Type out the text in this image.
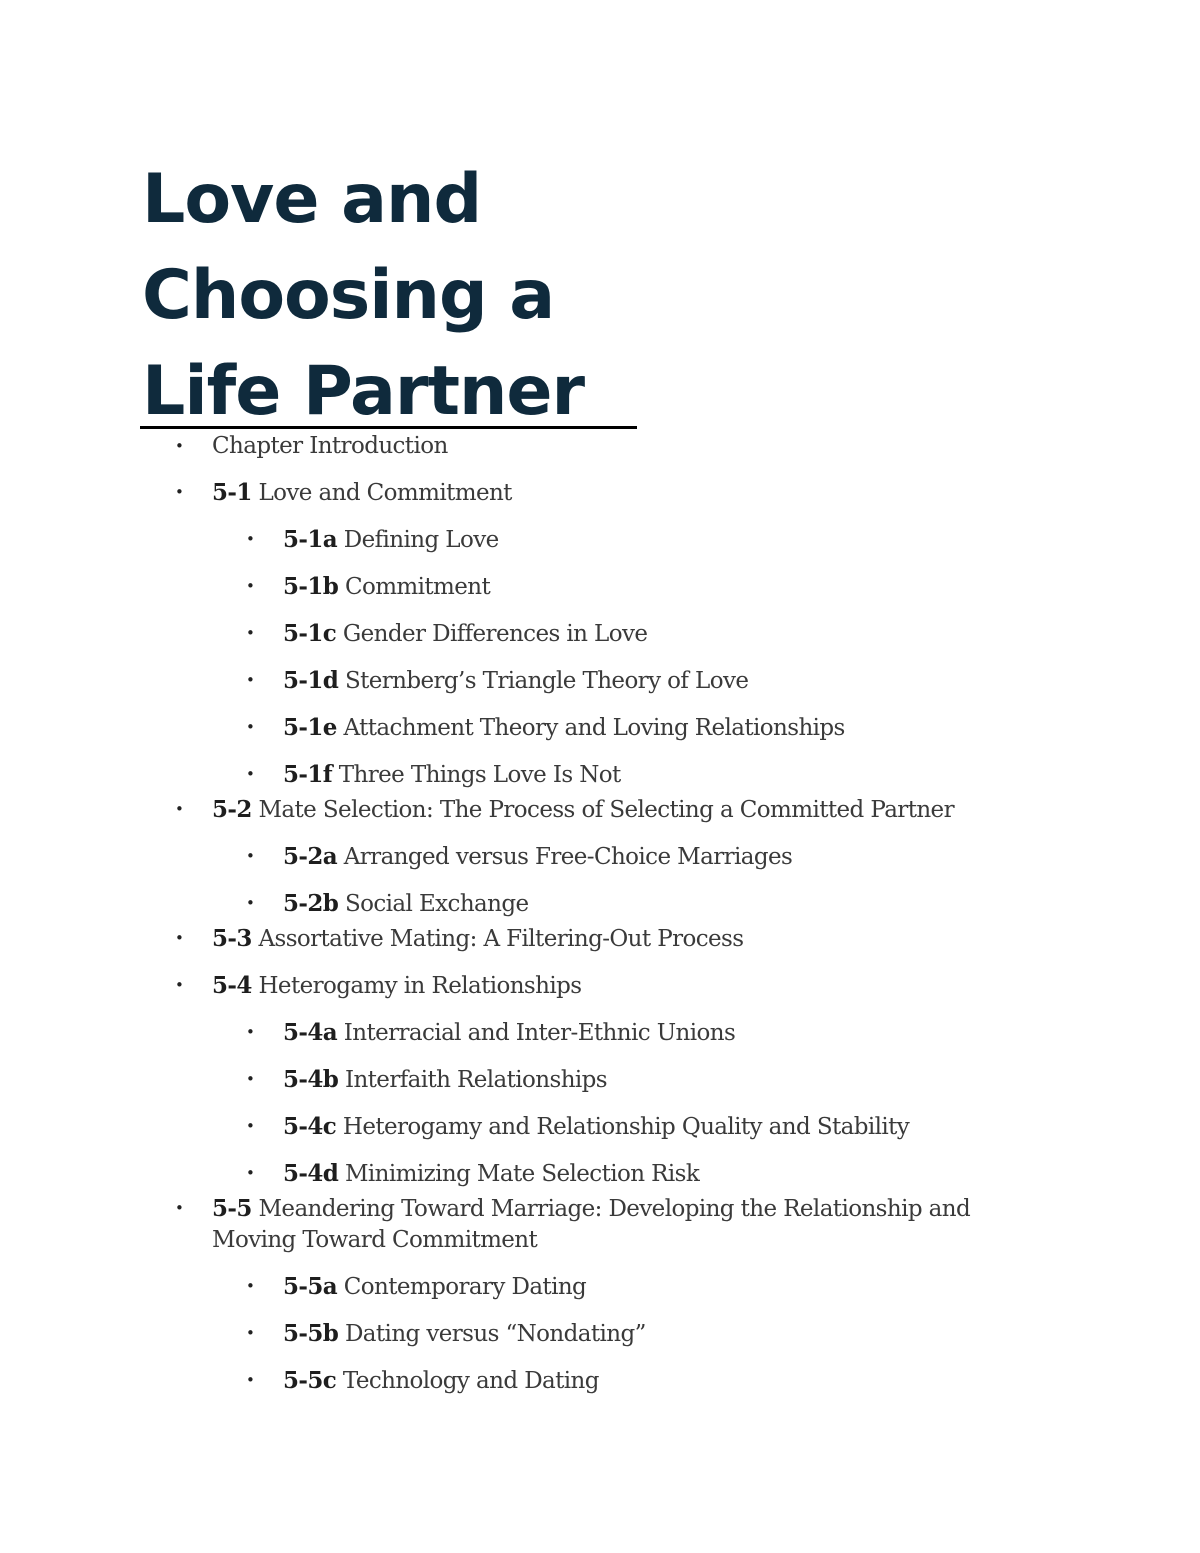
Love and
Choosing a
Life Partner
• Chapter Introduction
• 5-1 Love and Commitment
• 5-1a Defining Love
• 5-1b Commitment
• 5-1c Gender Differences in Love
• 5-1d Sternberg’s Triangle Theory of Love
• 5-1e Attachment Theory and Loving Relationships
• 5-1f Three Things Love Is Not
• 5-2 Mate Selection: The Process of Selecting a Committed Partner
• 5-2a Arranged versus Free-Choice Marriages
• 5-2b Social Exchange
• 5-3 Assortative Mating: A Filtering-Out Process
• 5-4 Heterogamy in Relationships
• 5-4a Interracial and Inter-Ethnic Unions
• 5-4b Interfaith Relationships
• 5-4c Heterogamy and Relationship Quality and Stability
• 5-4d Minimizing Mate Selection Risk
• 5-5 Meandering Toward Marriage: Developing the Relationship and Moving Toward Commitment
• 5-5a Contemporary Dating
• 5-5b Dating versus “Nondating”
• 5-5c Technology and Dating
